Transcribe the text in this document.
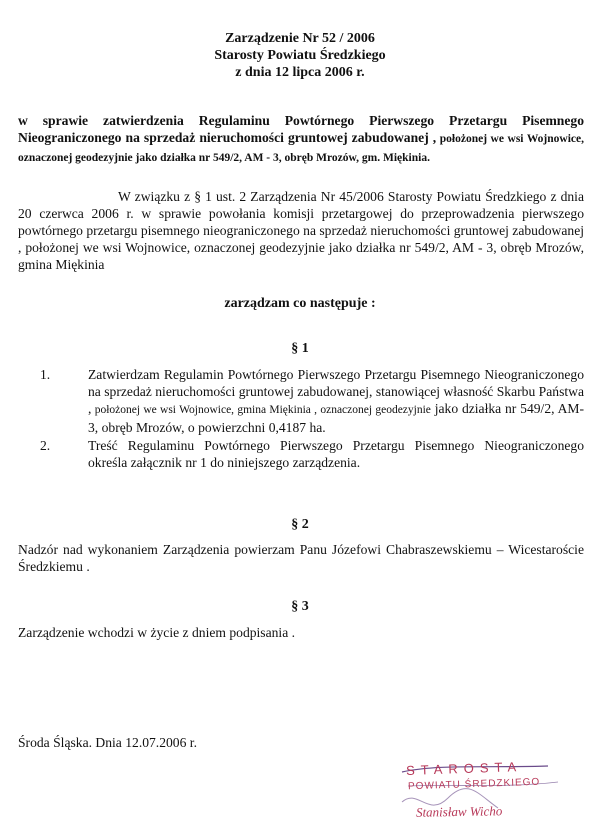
Zarządzenie Nr 52 / 2006
Starosty Powiatu Średzkiego
z dnia 12 lipca 2006 r.
w sprawie zatwierdzenia Regulaminu Powtórnego Pierwszego Przetargu Pisemnego Nieograniczonego na sprzedaż nieruchomości gruntowej zabudowanej , położonej we wsi Wojnowice, oznaczonej geodezyjnie jako działka nr 549/2, AM - 3, obręb Mrozów, gm. Miękinia.
W związku z § 1 ust. 2 Zarządzenia Nr 45/2006 Starosty Powiatu Średzkiego z dnia 20 czerwca 2006 r. w sprawie powołania komisji przetargowej do przeprowadzenia pierwszego powtórnego przetargu pisemnego nieograniczonego na sprzedaż nieruchomości gruntowej zabudowanej , położonej we wsi Wojnowice, oznaczonej geodezyjnie jako działka nr 549/2, AM - 3, obręb Mrozów, gmina Miękinia
zarządzam co następuje :
§ 1
1.	Zatwierdzam Regulamin Powtórnego Pierwszego Przetargu Pisemnego Nieograniczonego na sprzedaż nieruchomości gruntowej zabudowanej, stanowiącej własność Skarbu Państwa , położonej we wsi Wojnowice, gmina Miękinia , oznaczonej geodezyjnie jako działka nr 549/2, AM-3, obręb Mrozów, o powierzchni 0,4187 ha.
2.	Treść Regulaminu Powtórnego Pierwszego Przetargu Pisemnego Nieograniczonego określa załącznik nr 1 do niniejszego zarządzenia.
§ 2
Nadzór nad wykonaniem Zarządzenia powierzam Panu Józefowi Chabraszewskiemu – Wicestaroście Średzkiemu .
§ 3
Zarządzenie wchodzi w życie z dniem podpisania .
Środa Śląska. Dnia 12.07.2006 r.
STAROSTA
POWIATU ŚREDZKIEGO
Stanisław Wicho
